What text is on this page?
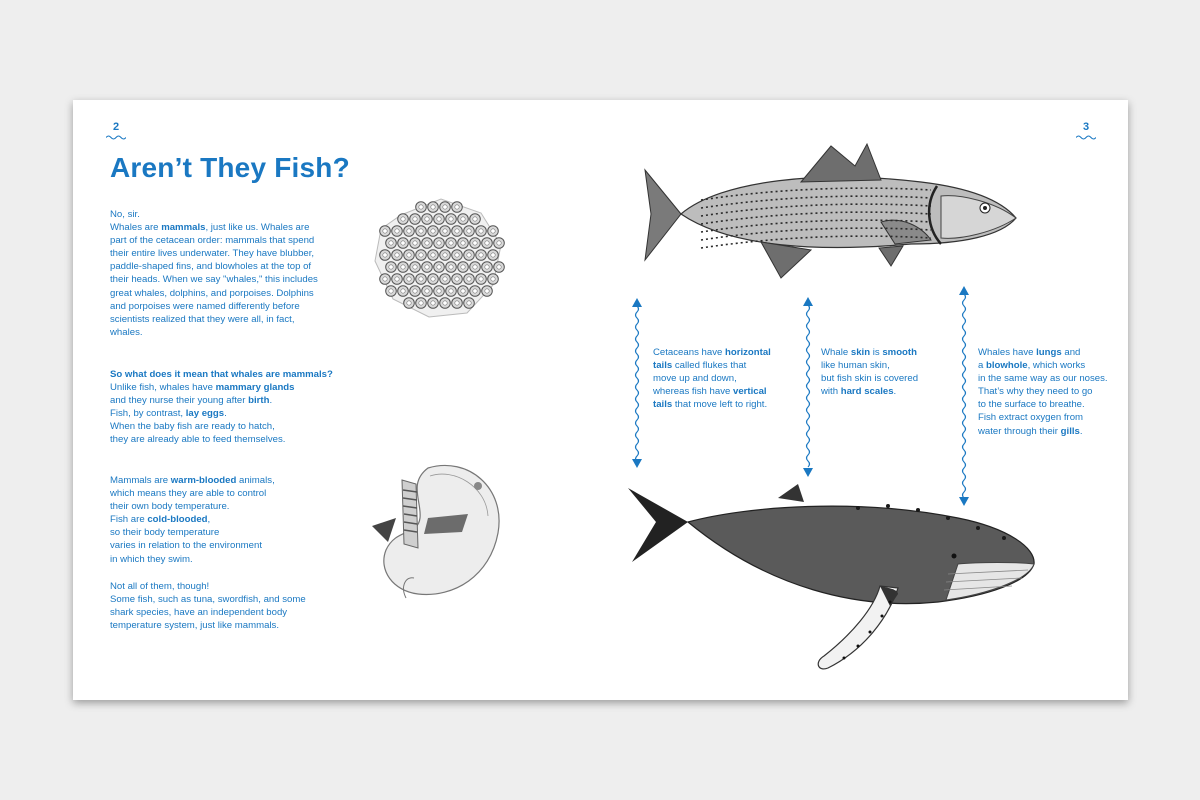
2	3
Aren’t They Fish?
No, sir.
Whales are mammals, just like us. Whales are
part of the cetacean order: mammals that spend
their entire lives underwater. They have blubber,
paddle-shaped fins, and blowholes at the top of
their heads. When we say "whales," this includes
great whales, dolphins, and porpoises. Dolphins
and porpoises were named differently before
scientists realized that they were all, in fact,
whales.
So what does it mean that whales are mammals?
Unlike fish, whales have mammary glands
and they nurse their young after birth.
Fish, by contrast, lay eggs.
When the baby fish are ready to hatch,
they are already able to feed themselves.
Mammals are warm-blooded animals,
which means they are able to control
their own body temperature.
Fish are cold-blooded,
so their body temperature
varies in relation to the environment
in which they swim.
Not all of them, though!
Some fish, such as tuna, swordfish, and some
shark species, have an independent body
temperature system, just like mammals.
Cetaceans have horizontal
tails called flukes that
move up and down,
whereas fish have vertical
tails that move left to right.
Whale skin is smooth
like human skin,
but fish skin is covered
with hard scales.
Whales have lungs and
a blowhole, which works
in the same way as our noses.
That’s why they need to go
to the surface to breathe.
Fish extract oxygen from
water through their gills.
